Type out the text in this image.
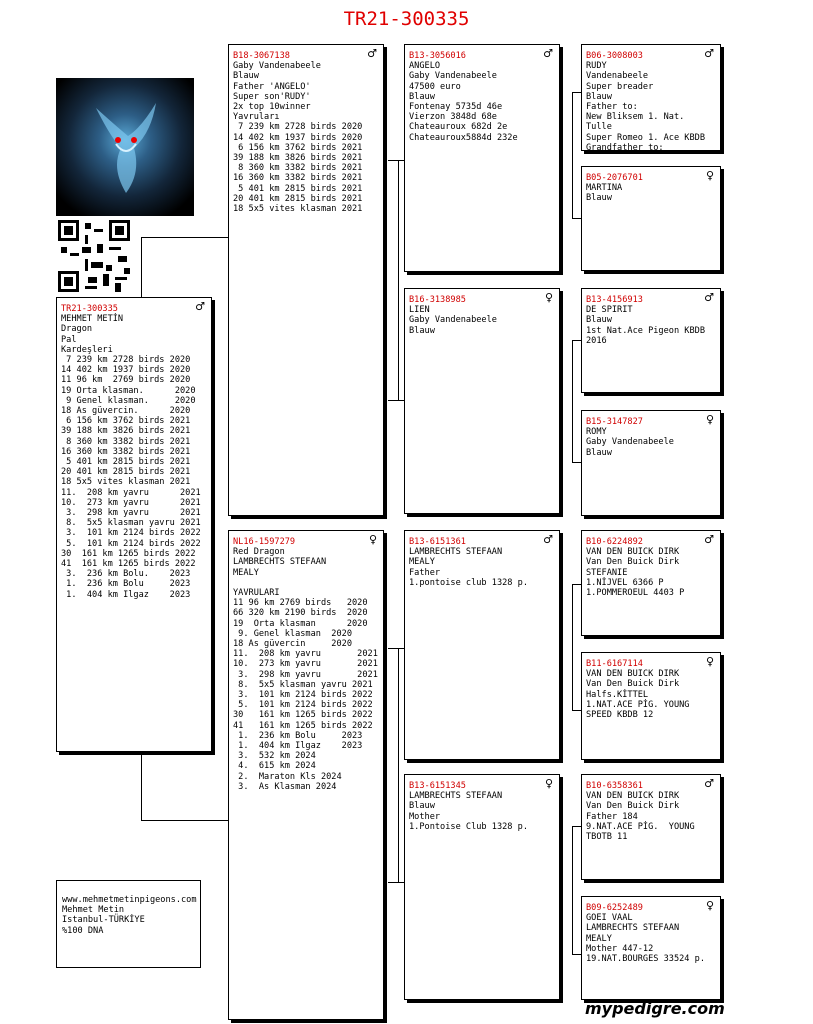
TR21-300335
TR21-300335	♂
MEHMET METİN
Dragon
Pal
Kardeşleri
7 239 km 2728 birds 2020
14 402 km 1937 birds 2020
11 96 km  2769 birds 2020
19 Orta klasman.      2020
9 Genel klasman.     2020
18 As güvercin.      2020
6 156 km 3762 birds 2021
39 188 km 3826 birds 2021
8 360 km 3382 birds 2021
16 360 km 3382 birds 2021
5 401 km 2815 birds 2021
20 401 km 2815 birds 2021
18 5x5 vites klasman 2021
11.  208 km yavru      2021
10.  273 km yavru      2021
3.  298 km yavru      2021
8.  5x5 klasman yavru 2021
3.  101 km 2124 birds 2022
5.  101 km 2124 birds 2022
30  161 km 1265 birds 2022
41  161 km 1265 birds 2022
3.  236 km Bolu.    2023
1.  236 km Bolu     2023
1.  404 km Ilgaz    2023
B18-3067138	♂
Gaby Vandenabeele
Blauw
Father 'ANGELO'
Super son'RUDY'
2x top 10winner
Yavruları
7 239 km 2728 birds 2020
14 402 km 1937 birds 2020
6 156 km 3762 birds 2021
39 188 km 3826 birds 2021
8 360 km 3382 birds 2021
16 360 km 3382 birds 2021
5 401 km 2815 birds 2021
20 401 km 2815 birds 2021
18 5x5 vites klasman 2021
NL16-1597279	♀
Red Dragon
LAMBRECHTS STEFAAN
MEALY

YAVRULARI
11 96 km 2769 birds   2020
66 320 km 2190 birds  2020
19  Orta klasman      2020
9. Genel klasman  2020
18 As güvercin     2020
11.  208 km yavru       2021
10.  273 km yavru       2021
3.  298 km yavru       2021
8.  5x5 klasman yavru 2021
3.  101 km 2124 birds 2022
5.  101 km 2124 birds 2022
30   161 km 1265 birds 2022
41   161 km 1265 birds 2022
1.  236 km Bolu     2023
1.  404 km Ilgaz    2023
3.  532 km 2024
4.  615 km 2024
2.  Maraton Kls 2024
3.  As Klasman 2024
B13-3056016	♂
ANGELO
Gaby Vandenabeele
47500 euro
Blauw
Fontenay 5735d 46e
Vierzon 3848d 68e
Chateauroux 682d 2e
Chateauroux5884d 232e
B16-3138985	♀
LIEN
Gaby Vandenabeele
Blauw
B13-6151361	♂
LAMBRECHTS STEFAAN
MEALY
Father
1.pontoise club 1328 p.
B13-6151345	♀
LAMBRECHTS STEFAAN
Blauw
Mother
1.Pontoise Club 1328 p.
B06-3008003	♂
RUDY
Vandenabeele
Super breader
Blauw
Father to:
New Bliksem 1. Nat.
Tulle
Super Romeo 1. Ace KBDB
Grandfather to:
B05-2076701	♀
MARTINA
Blauw
B13-4156913	♂
DE SPIRIT
Blauw
1st Nat.Ace Pigeon KBDB
2016
B15-3147827	♀
ROMY
Gaby Vandenabeele
Blauw
B10-6224892	♂
VAN DEN BUICK DIRK
Van Den Buick Dirk
STEFANIE
1.NİJVEL 6366 P
1.POMMEROEUL 4403 P
B11-6167114	♀
VAN DEN BUICK DIRK
Van Den Buick Dirk
Halfs.KİTTEL
1.NAT.ACE PİG. YOUNG
SPEED KBDB 12
B10-6358361	♂
VAN DEN BUICK DIRK
Van Den Buick Dirk
Father 184
9.NAT.ACE PİG.  YOUNG
TBOTB 11
B09-6252489	♀
GOEI VAAL
LAMBRECHTS STEFAAN
MEALY
Mother 447-12
19.NAT.BOURGES 33524 p.
www.mehmetmetinpigeons.com
Mehmet Metin
Istanbul-TÜRKİYE
%100 DNA
mypedigre.com
